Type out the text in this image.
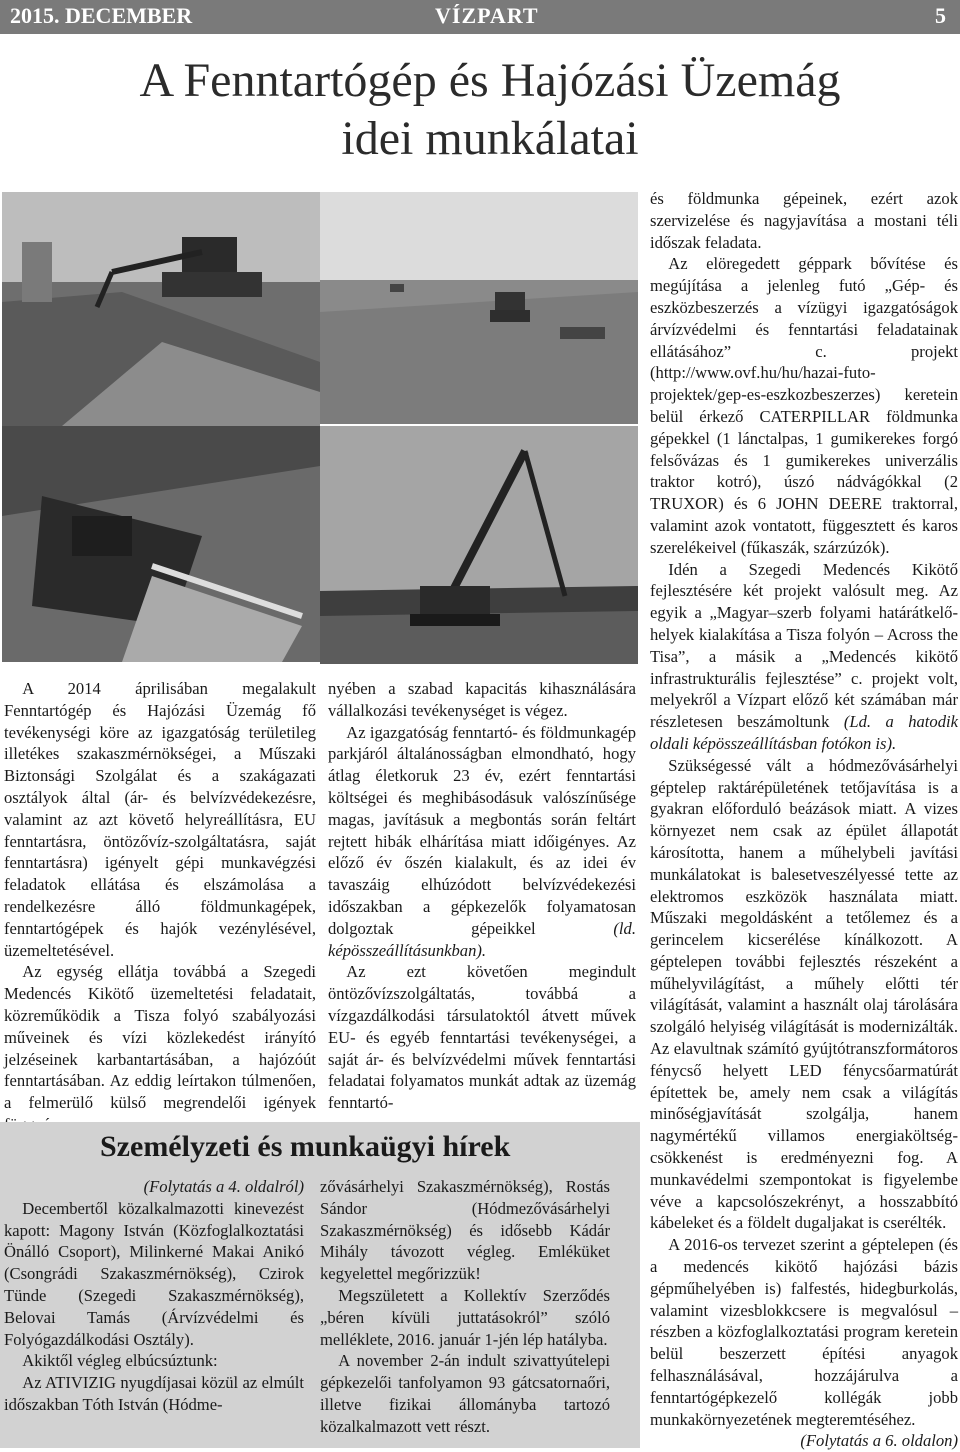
2015. DECEMBER	VÍZPART	5
A Fenntartógép és Hajózási Üzemág
idei munkálatai

A 2014 áprilisában megalakult Fenntartógép és Hajózási Üzemág fő tevékenységi köre az igazgatóság területileg illetékes szakaszmérnökségei, a Műszaki Biztonsági Szolgálat és a szakágazati osztályok által (ár- és belvízvédekezésre, valamint az azt követő helyreállításra, EU fenntartásra, öntözővíz-szolgáltatásra, saját fenntartásra) igényelt gépi munkavégzési feladatok ellátása és elszámolása a rendelkezésre álló földmunkagépek, fenntartógépek és hajók vezénylésével, üzemeltetésével.

Az egység ellátja továbbá a Szegedi Medencés Kikötő üzemeltetési feladatait, közreműködik a Tisza folyó szabályozási műveinek és vízi közlekedést irányító jelzéseinek karbantartásában, a hajózóút fenntartásában. Az eddig leírtakon túlmenően, a felmerülő külső megrendelői igények

nyében a szabad kapacitás kihasználására vállalkozási tevékenységet is végez.

Az igazgatóság fenntartó- és földmunkagép parkjáról általánosságban elmondható, hogy átlag életkoruk 23 év, ezért fenntartási költségei és meghibásodásuk valószínűsége magas, javításuk a megbontás során feltárt rejtett hibák elhárítása miatt időigényes. Az előző év őszén kialakult, és az idei év tavaszáig elhúzódott belvízvédekezési időszakban a gépkezelők folyamatosan dolgoztak gépeikkel	(ld. képösszeállításunkban).

Az ezt követően megindult öntözővízszolgáltatás, továbbá a vízgazdálkodási társulatoktól átvett művek EU- és egyéb fenntartási tevékenységei, a saját ár- és belvízvédelmi művek fenntartási feladatai folyamatos munkát adtak az üzemág fenntartó-

és földmunka gépeinek, ezért azok szervizelése és nagyjavítása a mostani téli időszak feladata.

Az elöregedett géppark bővítése és megújítása a jelenleg futó „Gép- és eszközbeszerzés a vízügyi igazgatóságok árvízvédelmi és fenntartási feladatainak ellátásához” c. projekt (http://www.ovf.hu/hu/hazai-futo-projektek/gep-es-eszkozbeszerzes) keretein belül érkező CATERPILLAR földmunka gépekkel (1 lánctalpas, 1 gumikerekes forgó felsővázas és 1 gumikerekes univerzális traktor kotró), úszó nádvágókkal (2 TRUXOR) és 6 JOHN DEERE traktorral, valamint azok vontatott, függesztett és karos szerelékeivel (fűkaszák, szárzúzók).

Idén a Szegedi Medencés Kikötő fejlesztésére két projekt valósult meg. Az egyik a „Magyar–szerb folyami határátkelő-helyek kialakítása a Tisza folyón – Across the Tisa”, a másik a „Medencés kikötő infrastrukturális fejlesztése” c. projekt volt, melyekről a Vízpart előző két számában már részletesen beszámoltunk (Ld. a hatodik oldali képösszeállításban fotókon is).

Szükségessé vált a hódmezővásárhelyi géptelep raktárépületének tetőjavítása is a gyakran előforduló beázások miatt. A vizes környezet nem csak az épület állapotát károsította, hanem a műhelybeli javítási munkálatokat is balesetveszélyessé tette az elektromos eszközök használata miatt. Műszaki megoldásként a tetőlemez és a gerincelem kicserélése kínálkozott. A géptelepen további fejlesztés részeként a műhelyvilágítást, a műhely előtti tér világítását, valamint a használt olaj tárolására szolgáló helyiség világítását is modernizálták. Az elavultnak számító gyújtótranszformátoros fénycső helyett LED fénycsőarmatúrát építettek be, amely nem csak a világítás minőségjavítását szolgálja, hanem nagymértékű villamos energiaköltség-csökkenést is eredményezni fog. A munkavédelmi szempontokat is figyelembe véve a kapcsolószekrényt, a hosszabbító kábeleket és a földelt dugaljakat is cserélték.

A 2016-os tervezet szerint a géptelepen (és a medencés kikötő hajózási bázis gépműhelyében is) falfestés, hidegburkolás, valamint vizesblokkcsere is megvalósul – részben a közfoglalkoztatási program keretein belül beszerzett építési anyagok felhasználásával, hozzájárulva a fenntartógépkezelő kollégák jobb munkakörnyezetének megteremtéséhez.

(Folytatás a 6. oldalon)

Személyzeti és munkaügyi hírek

(Folytatás a 4. oldalról)

Decembertől közalkalmazotti kinevezést kapott: Magony István (Közfoglalkoztatási Önálló Csoport), Milinkerné Makai Anikó (Csongrádi Szakaszmérnökség), Czirok Tünde (Szegedi Szakaszmérnökség), Belovai Tamás (Árvízvédelmi és Folyógazdálkodási Osztály).

Akiktől végleg elbúcsúztunk:

Az ATIVIZIG nyugdíjasai közül az elmúlt időszakban Tóth István (Hódme-

zővásárhelyi Szakaszmérnökség), Rostás Sándor (Hódmezővásárhelyi Szakaszmérnökség) és idősebb Kádár Mihály távozott végleg. Emléküket kegyelettel megőrizzük!

Megszületett a Kollektív Szerződés „béren kívüli juttatásokról” szóló melléklete, 2016. január 1-jén lép hatályba.

A november 2-án indult szivattyútelepi gépkezelői tanfolyamon 93 gátcsatornaőri, illetve fizikai állományba tartozó közalkalmazott vett részt.
